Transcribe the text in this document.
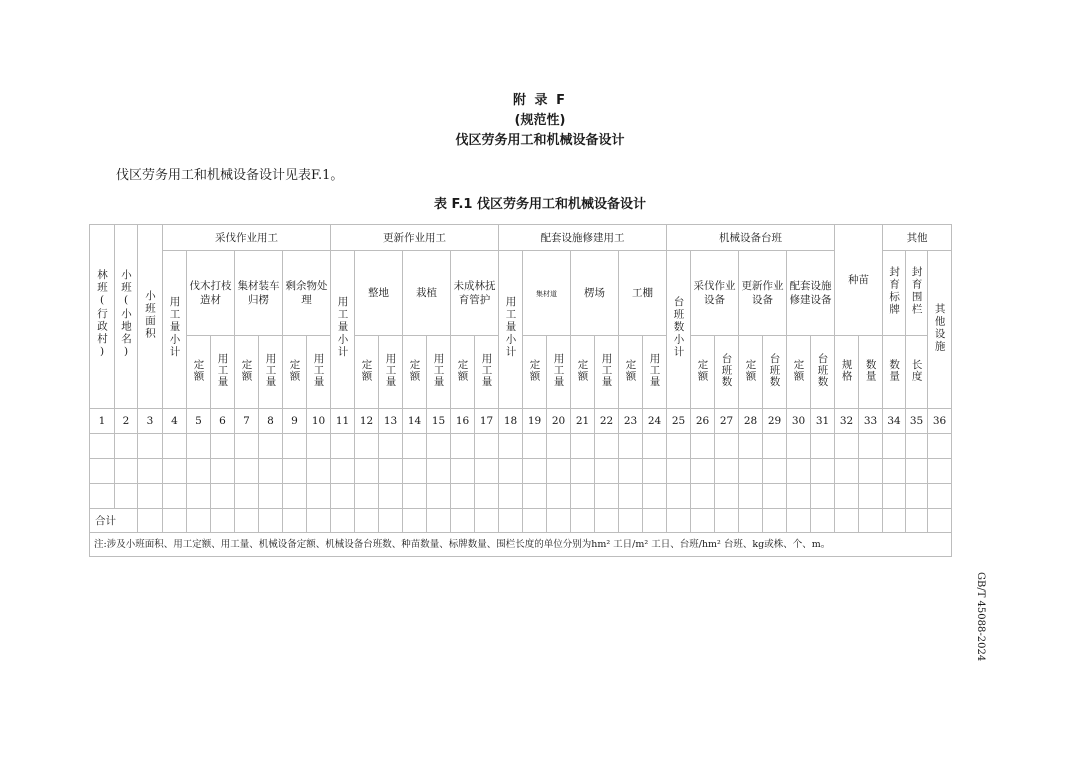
附 录 F
(规范性)
伐区劳务用工和机械设备设计
伐区劳务用工和机械设备设计见表F.1。
表 F.1 伐区劳务用工和机械设备设计
林班(行政村)	小班(小地名)	小班面积	采伐作业用工							更新作业用工							配套设施修建用工							机械设备台班							种苗		其他		
			用工量小计	伐木打枝造材		集材装车归楞		剩余物处理		用工量小计	整地		栽植		未成林抚育管护		用工量小计	集材道		楞场		工棚		台班数小计	采伐作业设备		更新作业设备		配套设施修建设备				封育标牌	封育围栏	其他设施
				定额	用工量	定额	用工量	定额	用工量		定额	用工量	定额	用工量	定额	用工量		定额	用工量	定额	用工量	定额	用工量		定额	台班数	定额	台班数	定额	台班数	规格	数量	数量	长度	
1	2	3	4	5	6	7	8	9	10	11	12	13	14	15	16	17	18	19	20	21	22	23	24	25	26	27	28	29	30	31	32	33	34	35	36

合计																																			
注:涉及小班面积、用工定额、用工量、机械设备定额、机械设备台班数、种苗数量、标牌数量、围栏长度的单位分别为hm² 工日/m² 工日、台班/hm² 台班、kg或株、个、m。																																			
GB/T 45088-2024
